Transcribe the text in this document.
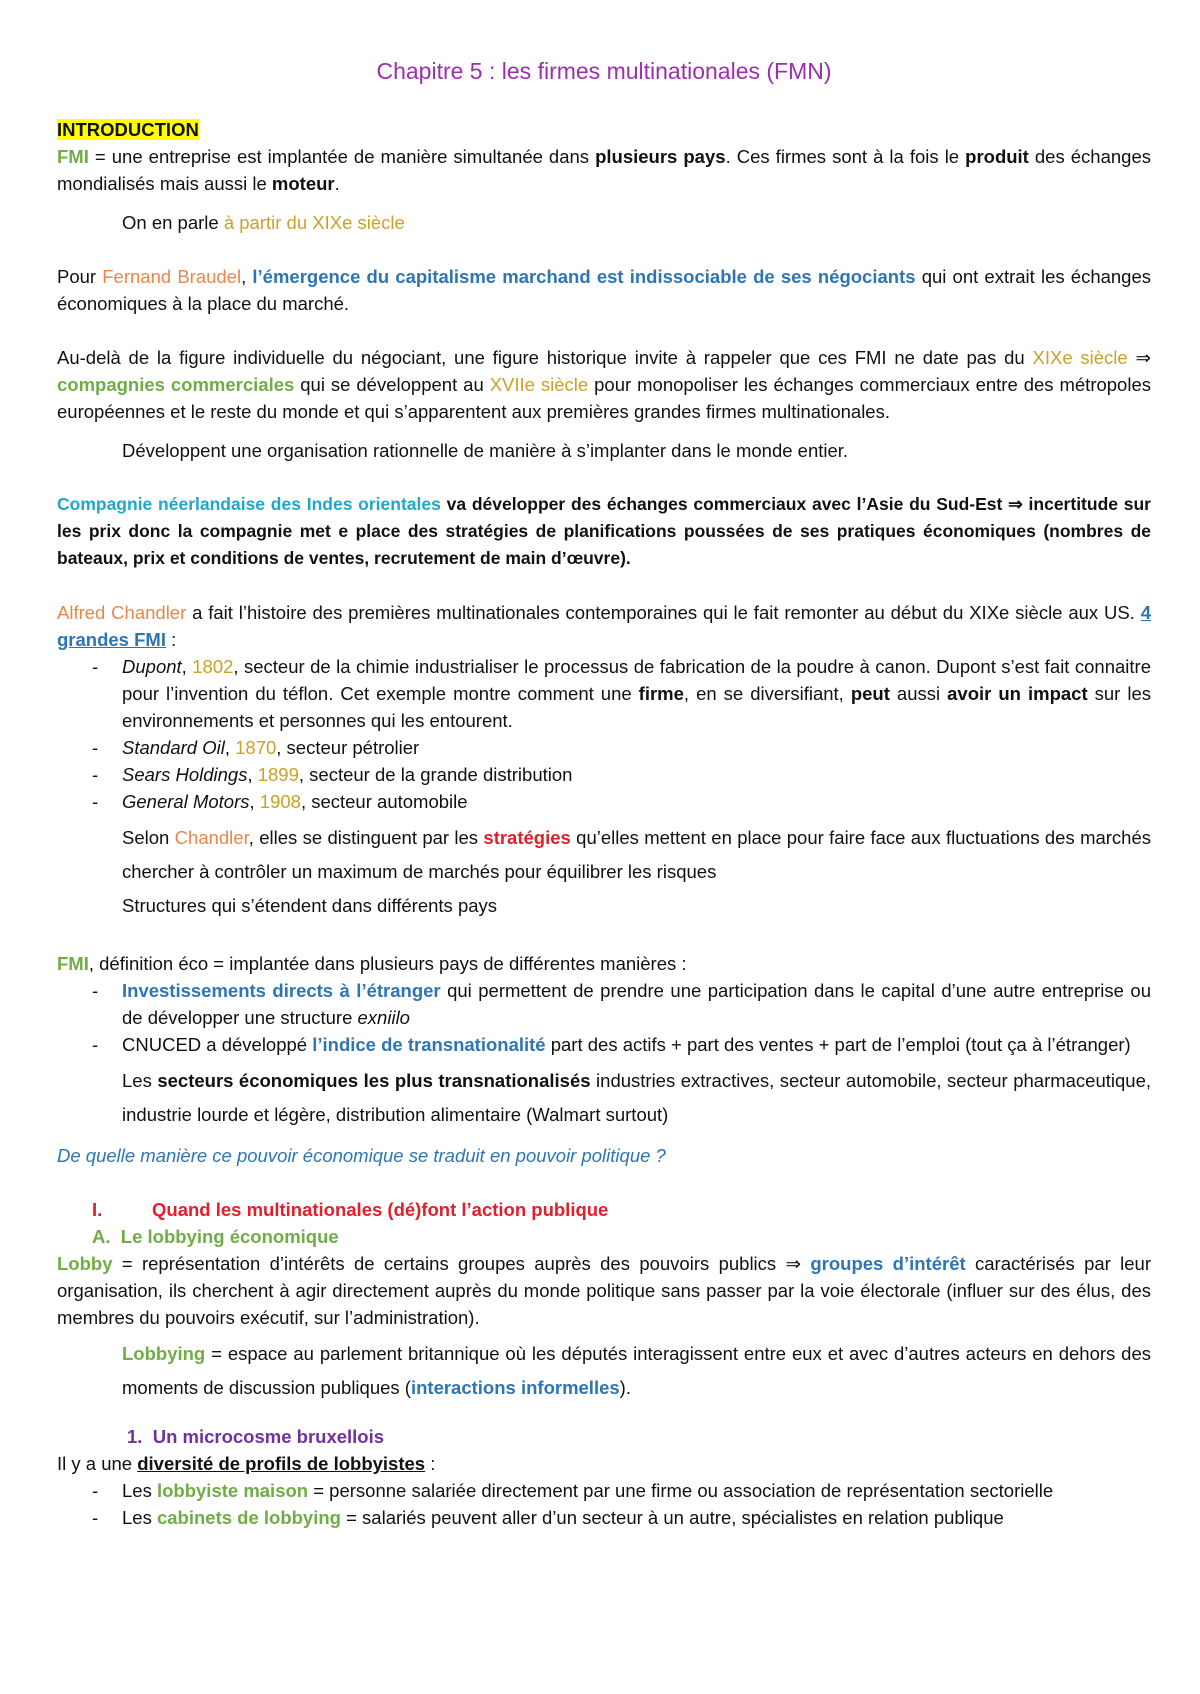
Chapitre 5 : les firmes multinationales (FMN)

INTRODUCTION

FMI = une entreprise est implantée de manière simultanée dans plusieurs pays. Ces firmes sont à la fois le produit des échanges mondialisés mais aussi le moteur.

On en parle à partir du XIXe siècle

Pour Fernand Braudel, l’émergence du capitalisme marchand est indissociable de ses négociants qui ont extrait les échanges économiques à la place du marché.

Au-delà de la figure individuelle du négociant, une figure historique invite à rappeler que ces FMI ne date pas du XIXe siècle ⇒ compagnies commerciales qui se développent au XVIIe siècle pour monopoliser les échanges commerciaux entre des métropoles européennes et le reste du monde et qui s’apparentent aux premières grandes firmes multinationales.

Développent une organisation rationnelle de manière à s’implanter dans le monde entier.

Compagnie néerlandaise des Indes orientales va développer des échanges commerciaux avec l’Asie du Sud-Est ⇒ incertitude sur les prix donc la compagnie met e place des stratégies de planifications poussées de ses pratiques économiques (nombres de bateaux, prix et conditions de ventes, recrutement de main d’œuvre).

Alfred Chandler a fait l’histoire des premières multinationales contemporaines qui le fait remonter au début du XIXe siècle aux US. 4 grandes FMI :

-	Dupont, 1802, secteur de la chimie industrialiser le processus de fabrication de la poudre à canon. Dupont s’est fait connaitre pour l’invention du téflon. Cet exemple montre comment une firme, en se diversifiant, peut aussi avoir un impact sur les environnements et personnes qui les entourent.
-	Standard Oil, 1870, secteur pétrolier
-	Sears Holdings, 1899, secteur de la grande distribution
-	General Motors, 1908, secteur automobile
Selon Chandler, elles se distinguent par les stratégies qu’elles mettent en place pour faire face aux fluctuations des marchés chercher à contrôler un maximum de marchés pour équilibrer les risques
Structures qui s’étendent dans différents pays

FMI, définition éco = implantée dans plusieurs pays de différentes manières :

-	Investissements directs à l’étranger qui permettent de prendre une participation dans le capital d’une autre entreprise ou de développer une structure exniilo
-	CNUCED a développé l’indice de transnationalité part des actifs + part des ventes + part de l’emploi (tout ça à l’étranger)
Les secteurs économiques les plus transnationalisés industries extractives, secteur automobile, secteur pharmaceutique, industrie lourde et légère, distribution alimentaire (Walmart surtout)

De quelle manière ce pouvoir économique se traduit en pouvoir politique ?

I.	Quand les multinationales (dé)font l’action publique
A. Le lobbying économique

Lobby = représentation d’intérêts de certains groupes auprès des pouvoirs publics ⇒ groupes d’intérêt caractérisés par leur organisation, ils cherchent à agir directement auprès du monde politique sans passer par la voie électorale (influer sur des élus, des membres du pouvoirs exécutif, sur l’administration).

Lobbying = espace au parlement britannique où les députés interagissent entre eux et avec d’autres acteurs en dehors des moments de discussion publiques (interactions informelles).
1. Un microcosme bruxellois

Il y a une diversité de profils de lobbyistes :

-	Les lobbyiste maison = personne salariée directement par une firme ou association de représentation sectorielle
-	Les cabinets de lobbying = salariés peuvent aller d’un secteur à un autre, spécialistes en relation publique
